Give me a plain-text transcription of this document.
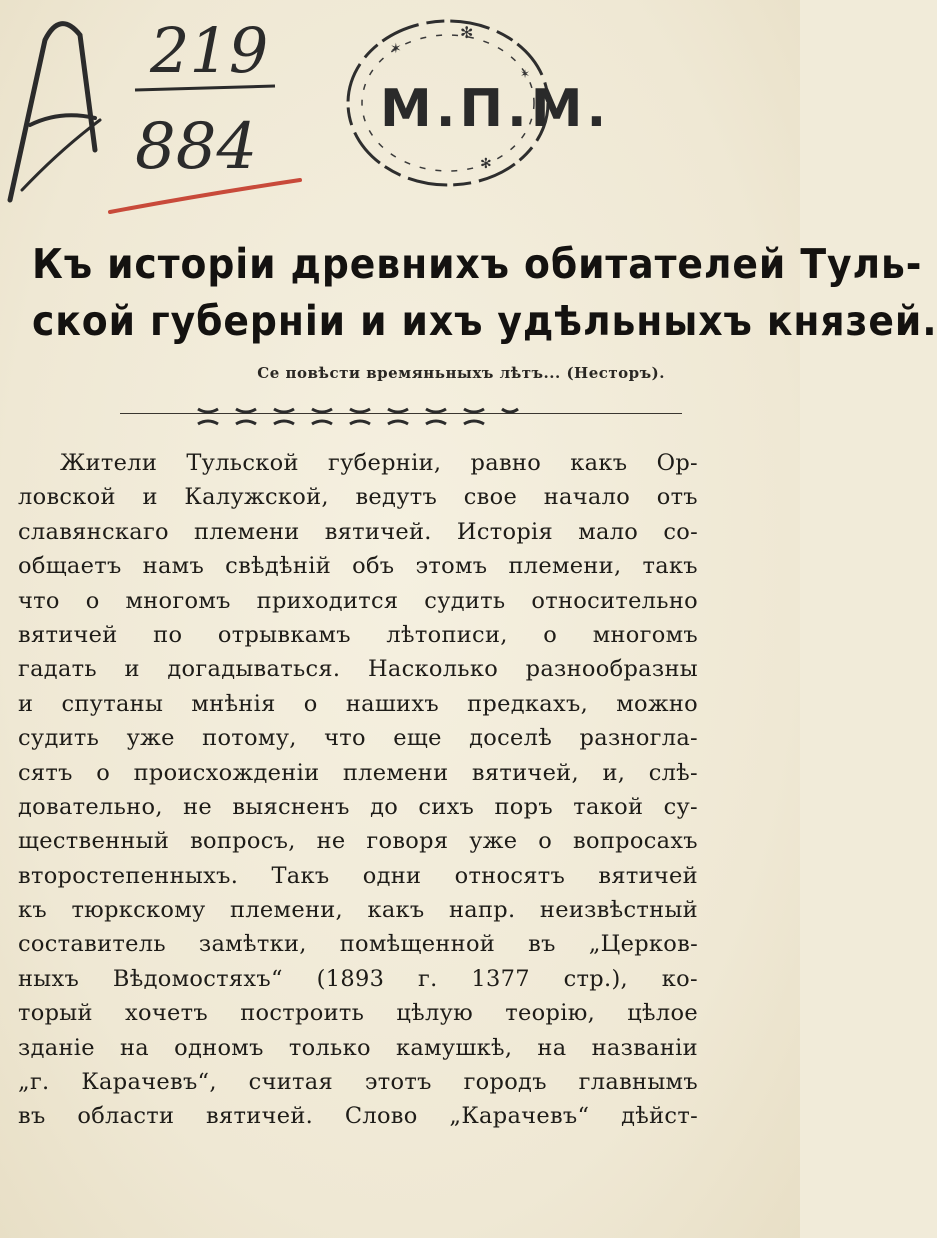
219
884
М.П.М.
✻
✶
✶
✻
Къ исторіи древнихъ обитателей Туль-
ской губерніи и ихъ удѣльныхъ князей.
Се повѣсти времяньныхъ лѣтъ... (Несторъ).
Жители Тульской губерніи, равно какъ Ор-
ловской и Калужской, ведутъ свое начало отъ
славянскаго племени вятичей. Исторія мало со-
общаетъ намъ свѣдѣній объ этомъ племени, такъ
что о многомъ приходится судить относительно
вятичей по отрывкамъ лѣтописи, о многомъ
гадать и догадываться. Насколько разнообразны
и спутаны мнѣнія о нашихъ предкахъ, можно
судить уже потому, что еще доселѣ разногла-
сятъ о происхожденіи племени вятичей, и, слѣ-
довательно, не выясненъ до сихъ поръ такой су-
щественный вопросъ, не говоря уже о вопросахъ
второстепенныхъ. Такъ одни относятъ вятичей
къ тюркскому племени, какъ напр. неизвѣстный
составитель замѣтки, помѣщенной въ „Церков-
ныхъ Вѣдомостяхъ“ (1893 г. 1377 стр.), ко-
торый хочетъ построить цѣлую теорію, цѣлое
зданіе на одномъ только камушкѣ, на названіи
„г. Карачевъ“, считая этотъ городъ главнымъ
въ области вятичей. Слово „Карачевъ“ дѣйст-
